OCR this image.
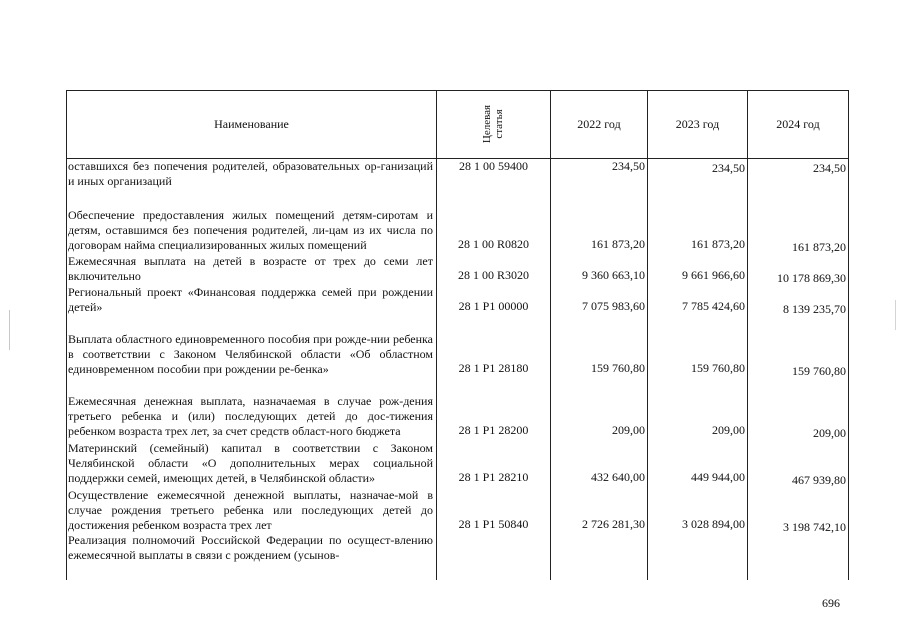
Наименование	Целевая статья	2022 год	2023 год	2024 год
оставшихся без попечения родителей, образовательных ор-ганизаций и иных организаций	28 1 00 59400	234,50	234,50	234,50
Обеспечение предоставления жилых помещений детям-сиротам и детям, оставшимся без попечения родителей, ли-цам из их числа по договорам найма специализированных жилых помещений	28 1 00 R0820	161 873,20	161 873,20	161 873,20
Ежемесячная выплата на детей в возрасте от трех до семи лет включительно	28 1 00 R3020	9 360 663,10	9 661 966,60	10 178 869,30
Региональный проект «Финансовая поддержка семей при рождении детей»	28 1 P1 00000	7 075 983,60	7 785 424,60	8 139 235,70
Выплата областного единовременного пособия при рожде-нии ребенка в соответствии с Законом Челябинской области «Об областном единовременном пособии при рождении ре-бенка»	28 1 P1 28180	159 760,80	159 760,80	159 760,80
Ежемесячная денежная выплата, назначаемая в случае рож-дения третьего ребенка и (или) последующих детей до дос-тижения ребенком возраста трех лет, за счет средств област-ного бюджета	28 1 P1 28200	209,00	209,00	209,00
Материнский (семейный) капитал в соответствии с Законом Челябинской области «О дополнительных мерах социальной поддержки семей, имеющих детей, в Челябинской области»	28 1 P1 28210	432 640,00	449 944,00	467 939,80
Осуществление ежемесячной денежной выплаты, назначае-мой в случае рождения третьего ребенка или последующих детей до достижения ребенком возраста трех лет	28 1 P1 50840	2 726 281,30	3 028 894,00	3 198 742,10
Реализация полномочий Российской Федерации по осущест-влению ежемесячной выплаты в связи с рождением (усынов-				
696
